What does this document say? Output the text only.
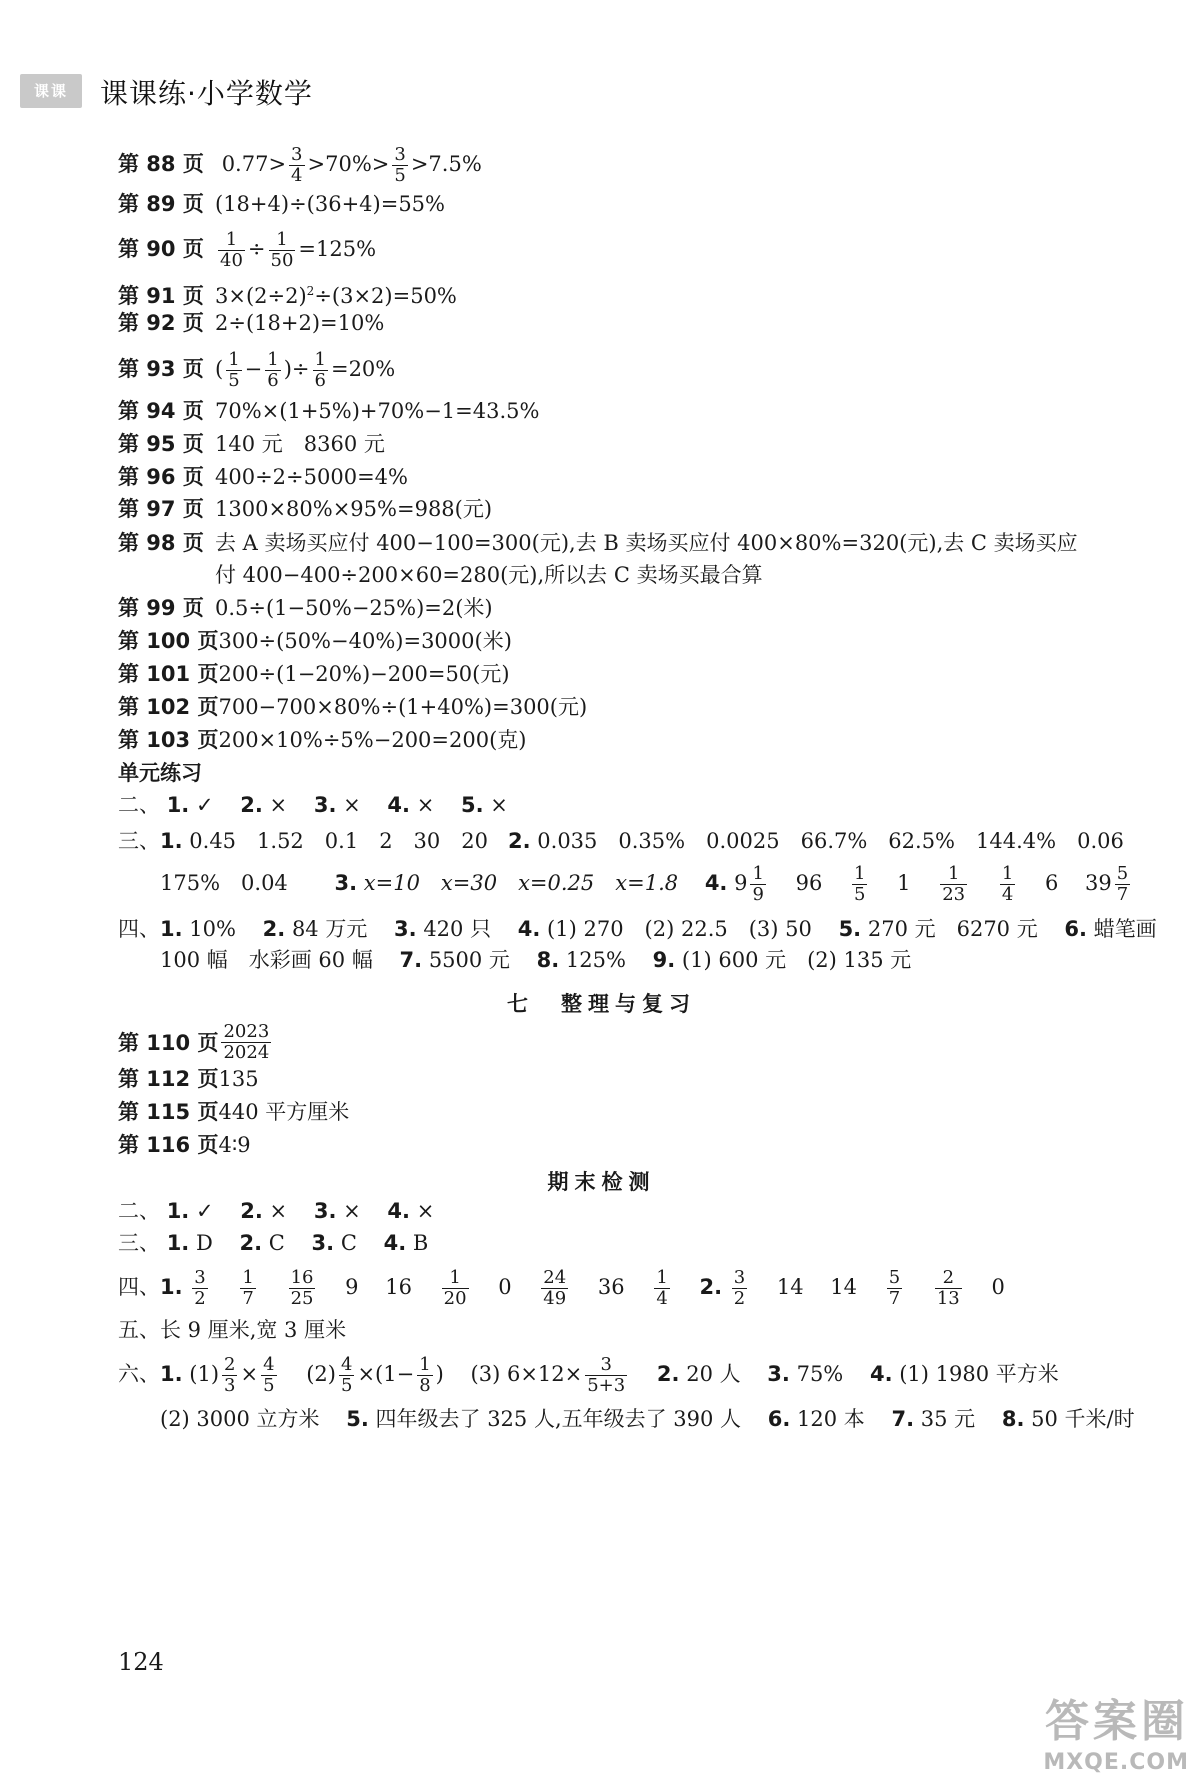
课课	课课练·小学数学
第 88 页 $0.77> \frac{3}{4} >70\%> \frac{3}{5} >7.5\%$
第 89 页 (18+4)÷(36+4)=55%
第 90 页 $\frac{1}{40} \div \frac{1}{50} =125\%$
第 91 页 $3\times(2\div 2)^2\div(3\times 2)=50\%$
第 92 页 2÷(18+2)=10%
第 93 页 ( $\frac{1}{5} - \frac{1}{6}$ )÷ $\frac{1}{6} =20\%$
第 94 页 70%×(1+5%)+70%−1=43.5%
第 95 页 140 元　8360 元
第 96 页 400÷2÷5000=4%
第 97 页 1300×80%×95%=988(元)
第 98 页 去 A 卖场买应付 400−100=300(元),去 B 卖场买应付 400×80%=320(元),去 C 卖场买应
付 400−400÷200×60=280(元),所以去 C 卖场买最合算
第 99 页 0.5÷(1−50%−25%)=2(米)
第 100 页300÷(50%−40%)=3000(米)
第 101 页200÷(1−20%)−200=50(元)
第 102 页700−700×80%÷(1+40%)=300(元)
第 103 页200×10%÷5%−200=200(克)
单元练习
二、 1. ✓ 2. × 3. × 4. × 5. ×
三、1. 0.45　1.52　0.1　2　30　20 2. 0.035　0.35%　0.0025　66.7%　62.5%　144.4%　0.06
175%　0.04 3. x=10　x=30　x=0.25　x=1.8 4. $9 \frac{1}{9} 96 \frac{1}{5} 1 \frac{1}{23}$
$\frac{1}{4} 6$ $39 \frac{5}{7}$
四、1. 10% 2. 84 万元 3. 420 只 4. (1) 270　(2) 22.5　(3) 50 5. 270 元　6270 元 6. 蜡笔画
100 幅　水彩画 60 幅 7. 5500 元 8. 125% 9. (1) 600 元　(2) 135 元
七　整理与复习
第 110 页 $\frac{2023}{2024}$
第 112 页135
第 115 页440 平方厘米
第 116 页4∶9
期末检测
二、 1. ✓ 2. × 3. × 4. ×
三、 1. D 2. C 3. C 4. B
四、1. $\frac{3}{2}$
$\frac{1}{7}$
$\frac{16}{25} 9$ $16 \frac{1}{20} 0 \frac{24}{49} 36 \frac{1}{4} 2$. $\frac{3}{2} 14$ $14 \frac{5}{7}$
$\frac{2}{13} 0$
五、长 9 厘米,宽 3 厘米
六、1. $(1) \frac{2}{3} \times \frac{4}{5} (2) \frac{4}{5} \times(1- \frac{1}{8}$ ) (3) $6\times 12\times \frac{3}{5+3} 2$. 20 人 3. 75% 4. (1) 1980 平方米
(2) 3000 立方米 5. 四年级去了 325 人,五年级去了 390 人 6. 120 本 7. 35 元 8. 50 千米/时
124
答案圈
MXQE.COM
